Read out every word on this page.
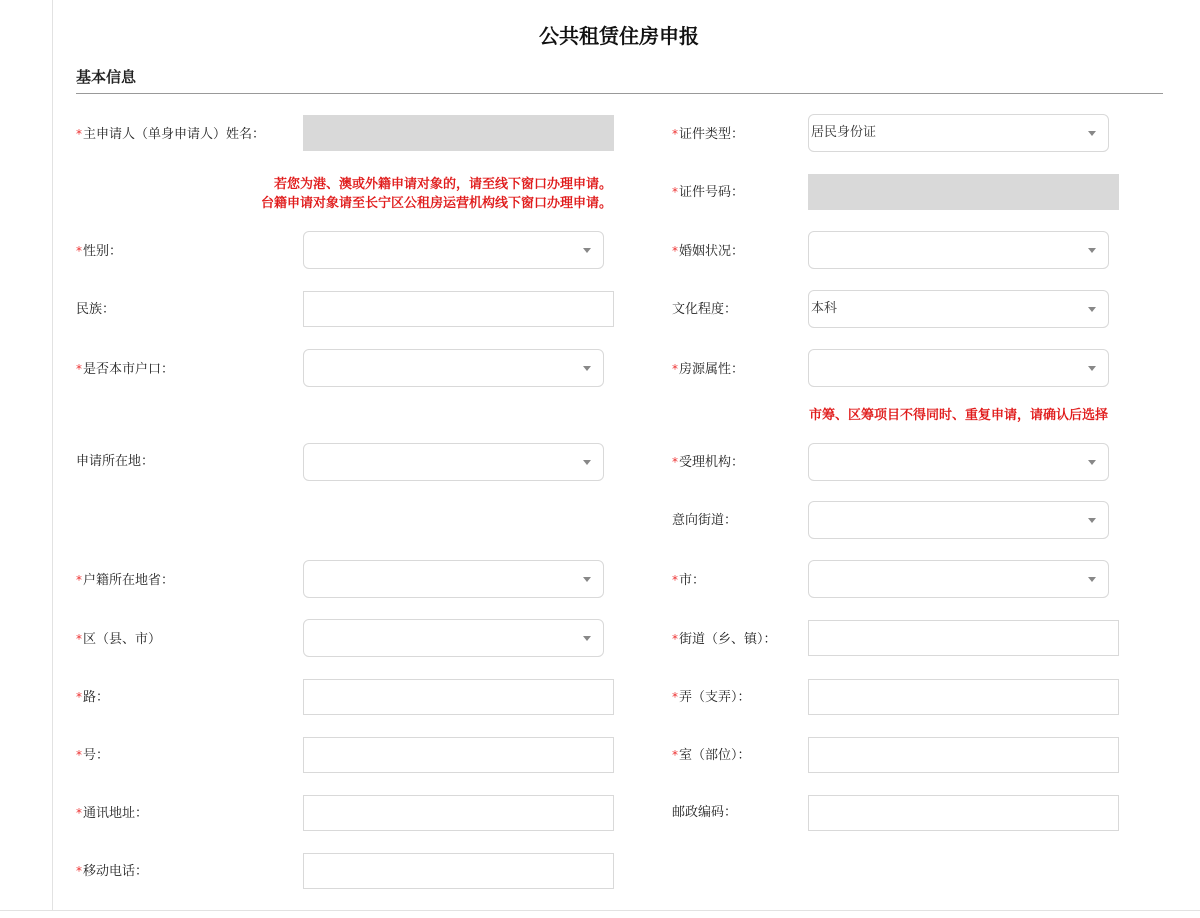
公共租赁住房申报
基本信息
*主申请人（单身申请人）姓名：	*证件类型：	居民身份证
若您为港、澳或外籍申请对象的，请至线下窗口办理申请。
台籍申请对象请至长宁区公租房运营机构线下窗口办理申请。
*证件号码：
*性别：	*婚姻状况：
民族：	文化程度：	本科
*是否本市户口：	*房源属性：
市筹、区筹项目不得同时、重复申请，请确认后选择
申请所在地：	*受理机构：
意向街道：
*户籍所在地省：	*市：
*区（县、市）	*街道（乡、镇）：
*路：	*弄（支弄）：
*号：	*室（部位）：
*通讯地址：	邮政编码：
*移动电话：
